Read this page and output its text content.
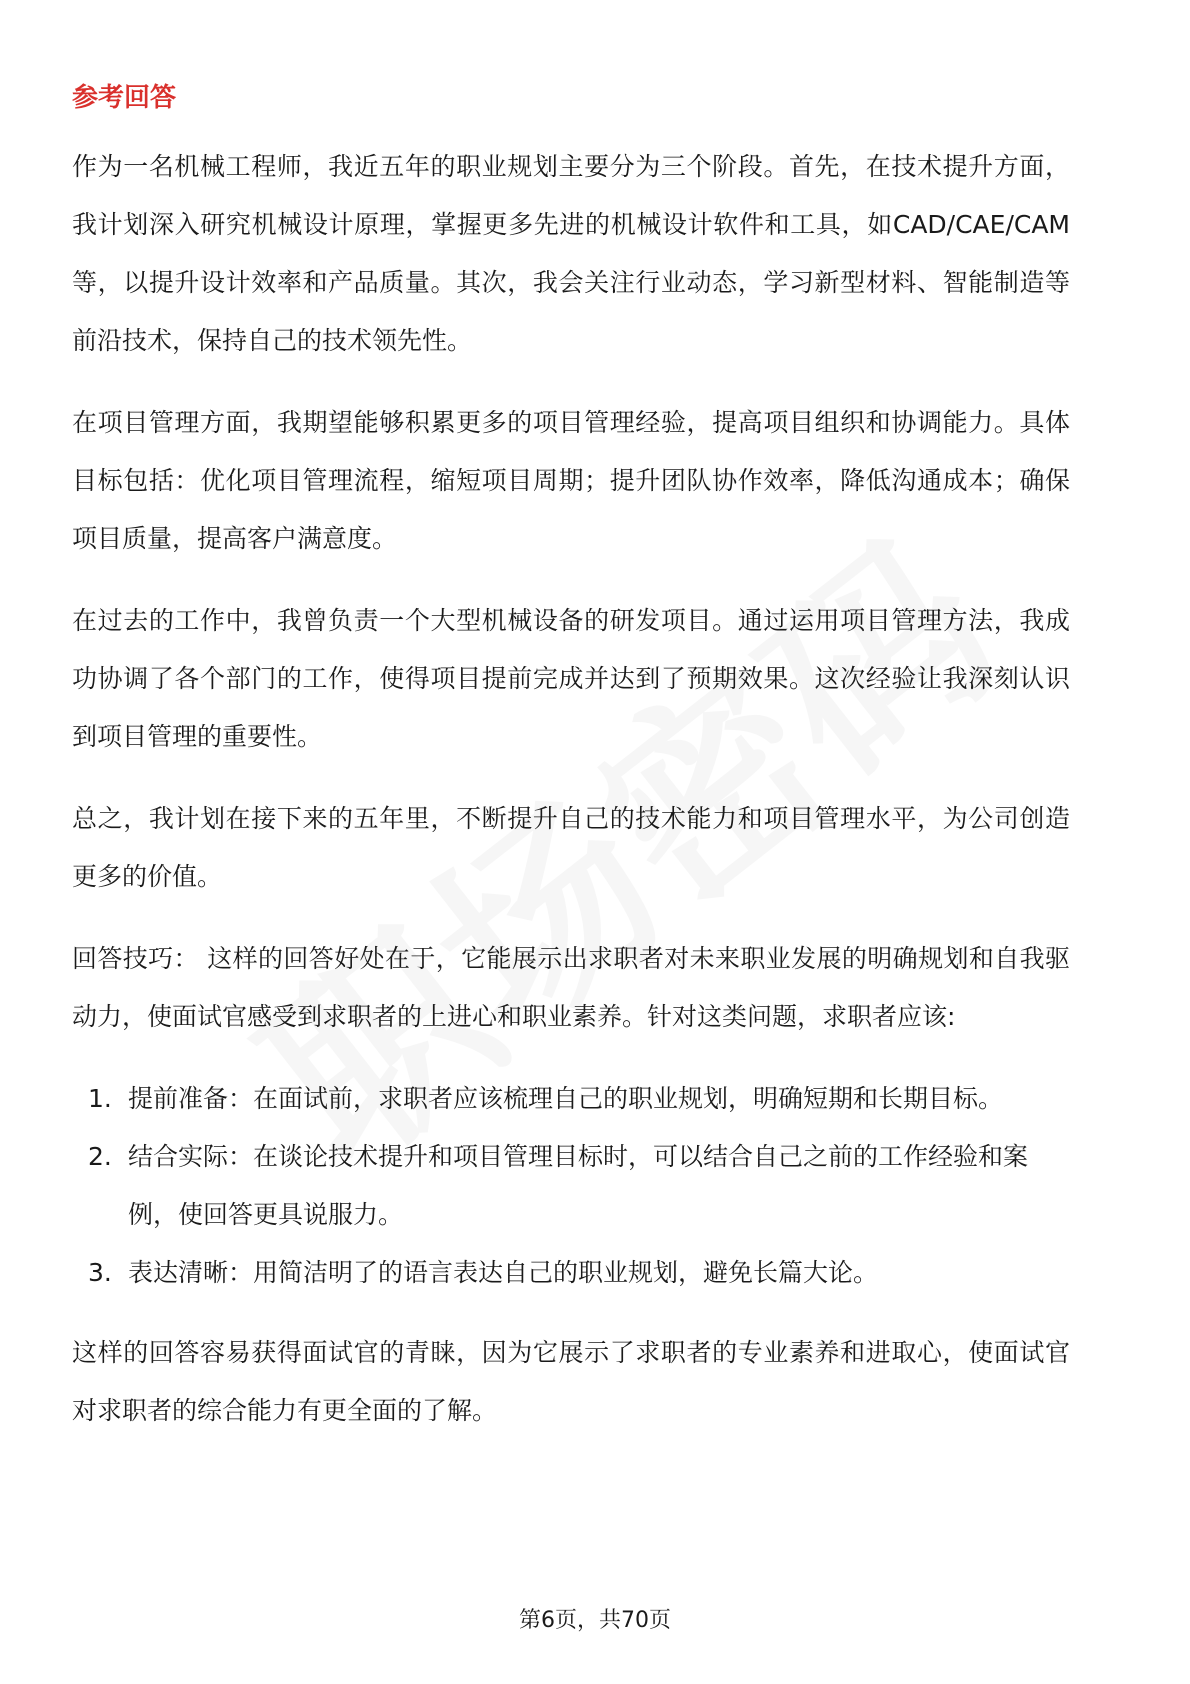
参考回答

作为一名机械工程师，我近五年的职业规划主要分为三个阶段。首先，在技术提升方面，我计划深入研究机械设计原理，掌握更多先进的机械设计软件和工具，如CAD/CAE/CAM等，以提升设计效率和产品质量。其次，我会关注行业动态，学习新型材料、智能制造等前沿技术，保持自己的技术领先性。

在项目管理方面，我期望能够积累更多的项目管理经验，提高项目组织和协调能力。具体目标包括：优化项目管理流程，缩短项目周期；提升团队协作效率，降低沟通成本；确保项目质量，提高客户满意度。

在过去的工作中，我曾负责一个大型机械设备的研发项目。通过运用项目管理方法，我成功协调了各个部门的工作，使得项目提前完成并达到了预期效果。这次经验让我深刻认识到项目管理的重要性。

总之，我计划在接下来的五年里，不断提升自己的技术能力和项目管理水平，为公司创造更多的价值。

回答技巧： 这样的回答好处在于，它能展示出求职者对未来职业发展的明确规划和自我驱动力，使面试官感受到求职者的上进心和职业素养。针对这类问题，求职者应该:

1. 提前准备：在面试前，求职者应该梳理自己的职业规划，明确短期和长期目标。
2. 结合实际：在谈论技术提升和项目管理目标时，可以结合自己之前的工作经验和案例，使回答更具说服力。
3. 表达清晰：用简洁明了的语言表达自己的职业规划，避免长篇大论。

这样的回答容易获得面试官的青睐，因为它展示了求职者的专业素养和进取心，使面试官对求职者的综合能力有更全面的了解。

第6页，共70页
